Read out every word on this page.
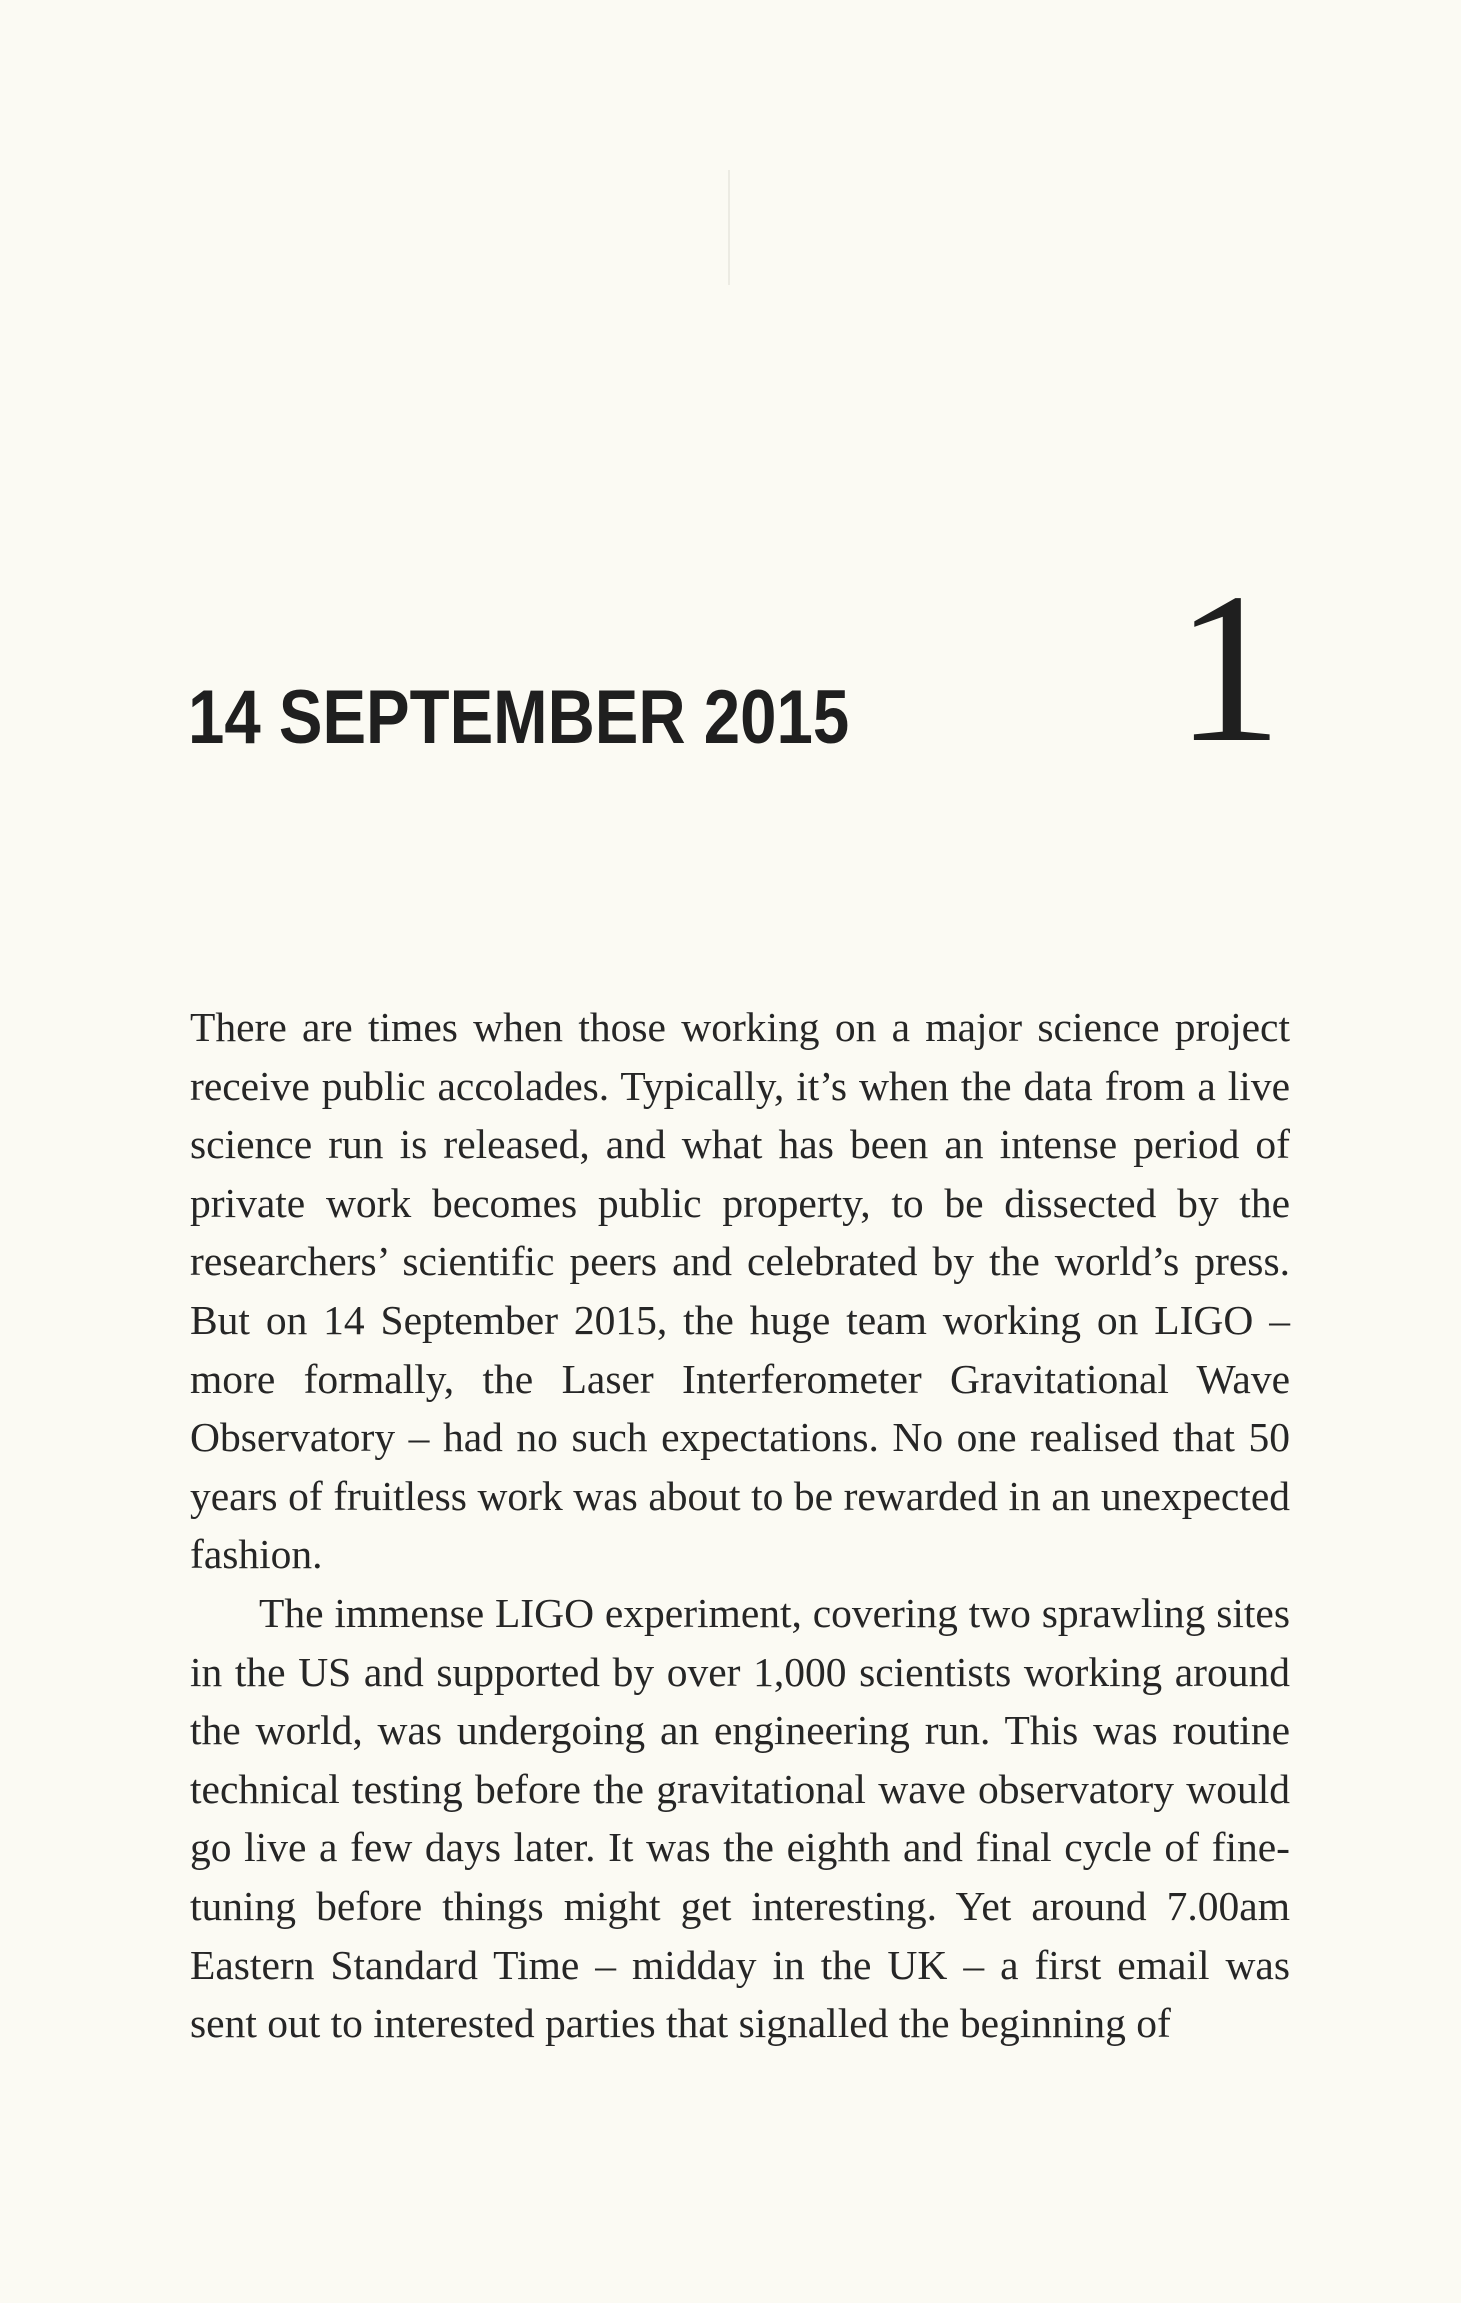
14 SEPTEMBER 2015 1

There are times when those working on a major science project receive public accolades. Typically, it’s when the data from a live science run is released, and what has been an intense period of private work becomes public property, to be dissected by the researchers’ scientific peers and celebrated by the world’s press. But on 14 September 2015, the huge team working on LIGO – more formally, the Laser Interferometer Gravitational Wave Observatory – had no such expectations. No one realised that 50 years of fruitless work was about to be rewarded in an unexpected fashion.

The immense LIGO experiment, covering two sprawling sites in the US and supported by over 1,000 scientists working around the world, was undergoing an engineering run. This was routine technical testing before the gravitational wave observatory would go live a few days later. It was the eighth and final cycle of fine-tuning before things might get interesting. Yet around 7.00am Eastern Standard Time – midday in the UK – a first email was sent out to interested parties that signalled the beginning of
